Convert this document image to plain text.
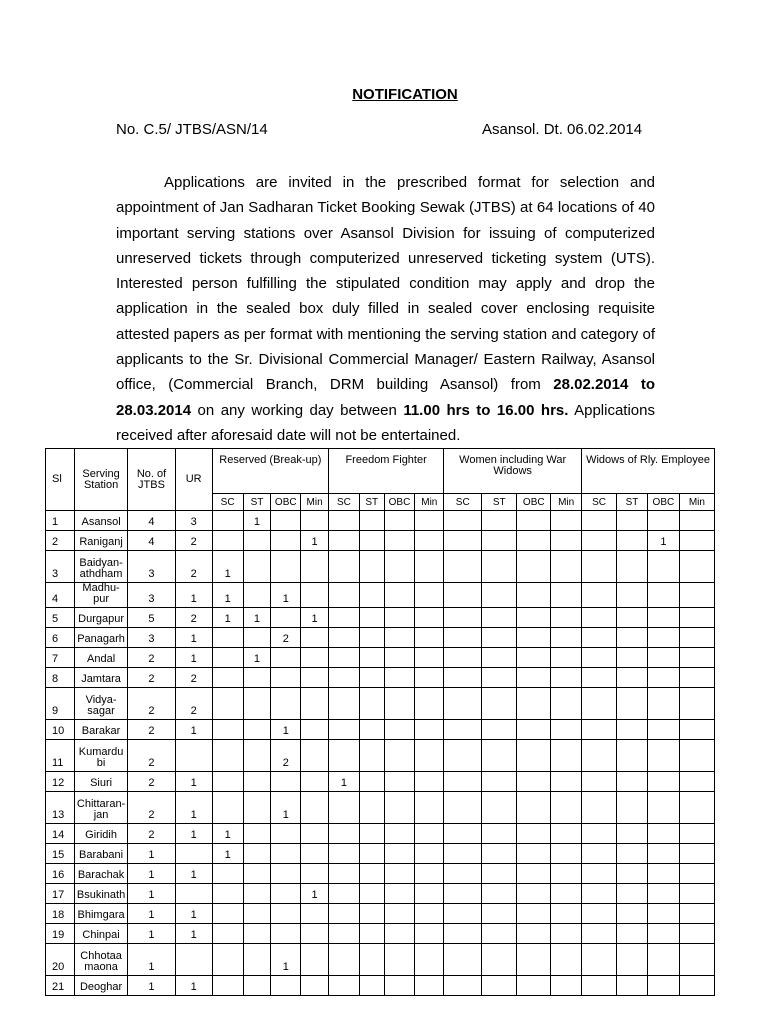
NOTIFICATION
No. C.5/ JTBS/ASN/14	Asansol. Dt. 06.02.2014

Applications are invited in the prescribed format for selection and appointment of Jan Sadharan Ticket Booking Sewak (JTBS) at 64 locations of 40 important serving stations over Asansol Division for issuing of computerized unreserved tickets through computerized unreserved ticketing system (UTS). Interested person fulfilling the stipulated condition may apply and drop the application in the sealed box duly filled in sealed cover enclosing requisite attested papers as per format with mentioning the serving station and category of applicants to the Sr. Divisional Commercial Manager/ Eastern Railway, Asansol office, (Commercial Branch, DRM building Asansol) from 28.02.2014 to 28.03.2014 on any working day between 11.00 hrs to 16.00 hrs. Applications received after aforesaid date will not be entertained.

Sl	Serving Station	No. of JTBS	UR	Reserved (Break-up)				Freedom Fighter				Women including War Widows				Widows of Rly. Employee			
				SC	ST	OBC	Min	SC	ST	OBC	Min	SC	ST	OBC	Min	SC	ST	OBC	Min
1	Asansol	4	3		1														
2	Raniganj	4	2				1											1	
3	Baidyan-athdham	3	2	1															
4	Madhu-pur	3	1	1		1													
5	Durgapur	5	2	1	1		1												
6	Panagarh	3	1			2													
7	Andal	2	1		1														
8	Jamtara	2	2																
9	Vidya-sagar	2	2																
10	Barakar	2	1			1													
11	Kumardu bi	2				2													
12	Siuri	2	1					1											
13	Chittaran-jan	2	1			1													
14	Giridih	2	1	1															
15	Barabani	1		1															
16	Barachak	1	1																
17	Bsukinath	1					1												
18	Bhimgara	1	1																
19	Chinpai	1	1																
20	Chhotaa maona	1				1													
21	Deoghar	1	1																
